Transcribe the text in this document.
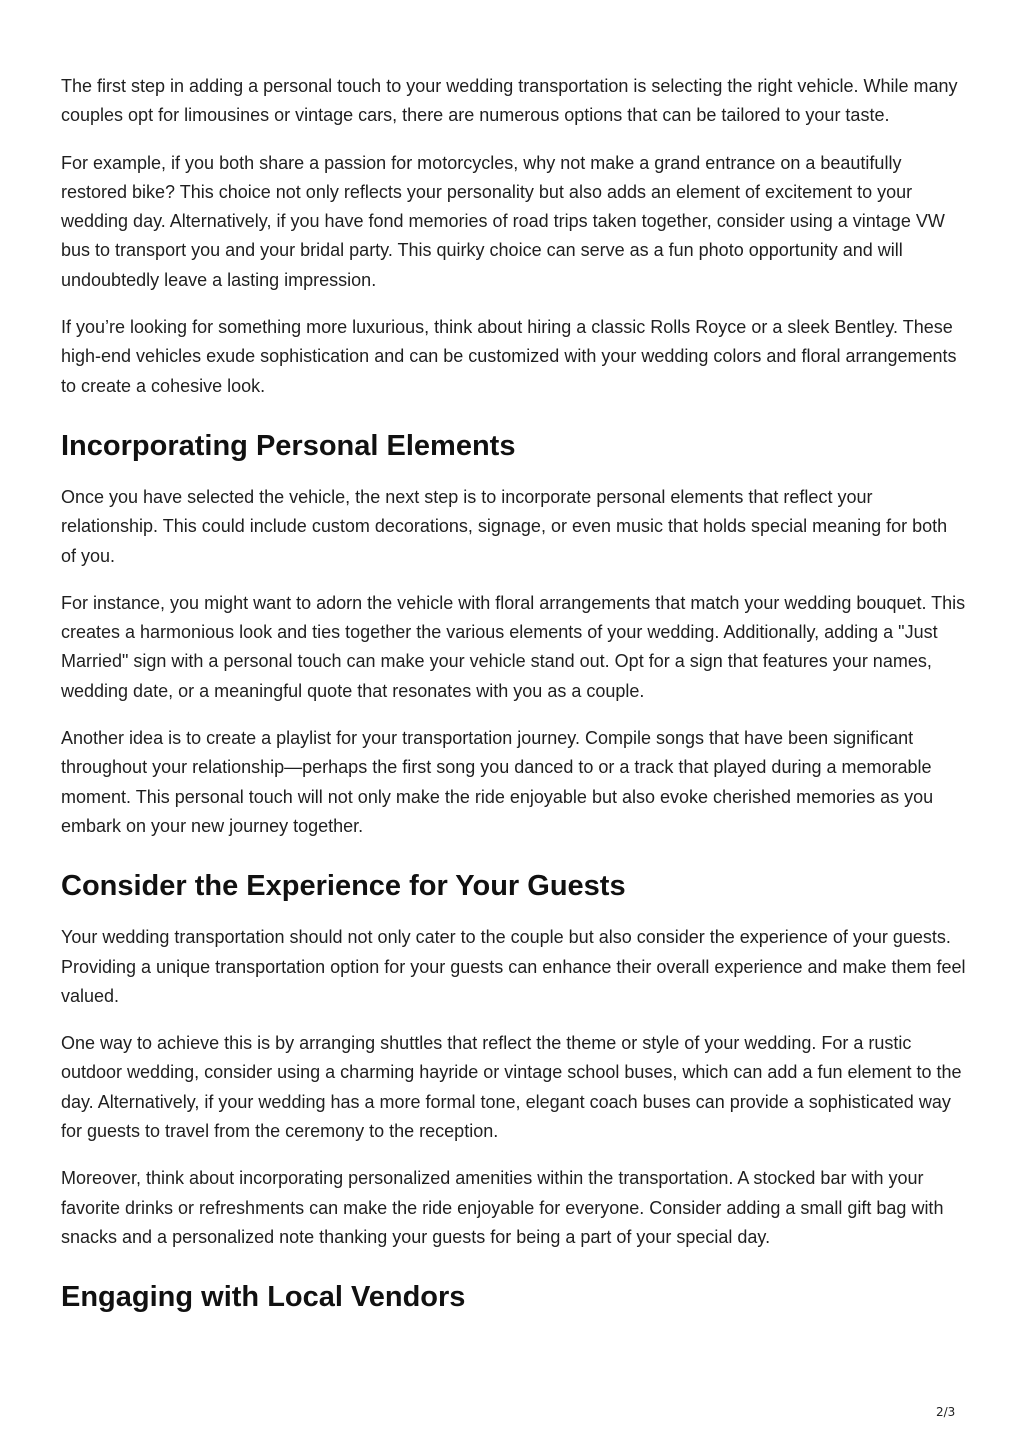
The first step in adding a personal touch to your wedding transportation is selecting the right vehicle. While many couples opt for limousines or vintage cars, there are numerous options that can be tailored to your taste.

For example, if you both share a passion for motorcycles, why not make a grand entrance on a beautifully restored bike? This choice not only reflects your personality but also adds an element of excitement to your wedding day. Alternatively, if you have fond memories of road trips taken together, consider using a vintage VW bus to transport you and your bridal party. This quirky choice can serve as a fun photo opportunity and will undoubtedly leave a lasting impression.

If you’re looking for something more luxurious, think about hiring a classic Rolls Royce or a sleek Bentley. These high-end vehicles exude sophistication and can be customized with your wedding colors and floral arrangements to create a cohesive look.

Incorporating Personal Elements

Once you have selected the vehicle, the next step is to incorporate personal elements that reflect your relationship. This could include custom decorations, signage, or even music that holds special meaning for both of you.

For instance, you might want to adorn the vehicle with floral arrangements that match your wedding bouquet. This creates a harmonious look and ties together the various elements of your wedding. Additionally, adding a "Just Married" sign with a personal touch can make your vehicle stand out. Opt for a sign that features your names, wedding date, or a meaningful quote that resonates with you as a couple.

Another idea is to create a playlist for your transportation journey. Compile songs that have been significant throughout your relationship—perhaps the first song you danced to or a track that played during a memorable moment. This personal touch will not only make the ride enjoyable but also evoke cherished memories as you embark on your new journey together.

Consider the Experience for Your Guests

Your wedding transportation should not only cater to the couple but also consider the experience of your guests. Providing a unique transportation option for your guests can enhance their overall experience and make them feel valued.

One way to achieve this is by arranging shuttles that reflect the theme or style of your wedding. For a rustic outdoor wedding, consider using a charming hayride or vintage school buses, which can add a fun element to the day. Alternatively, if your wedding has a more formal tone, elegant coach buses can provide a sophisticated way for guests to travel from the ceremony to the reception.

Moreover, think about incorporating personalized amenities within the transportation. A stocked bar with your favorite drinks or refreshments can make the ride enjoyable for everyone. Consider adding a small gift bag with snacks and a personalized note thanking your guests for being a part of your special day.

Engaging with Local Vendors
2/3
